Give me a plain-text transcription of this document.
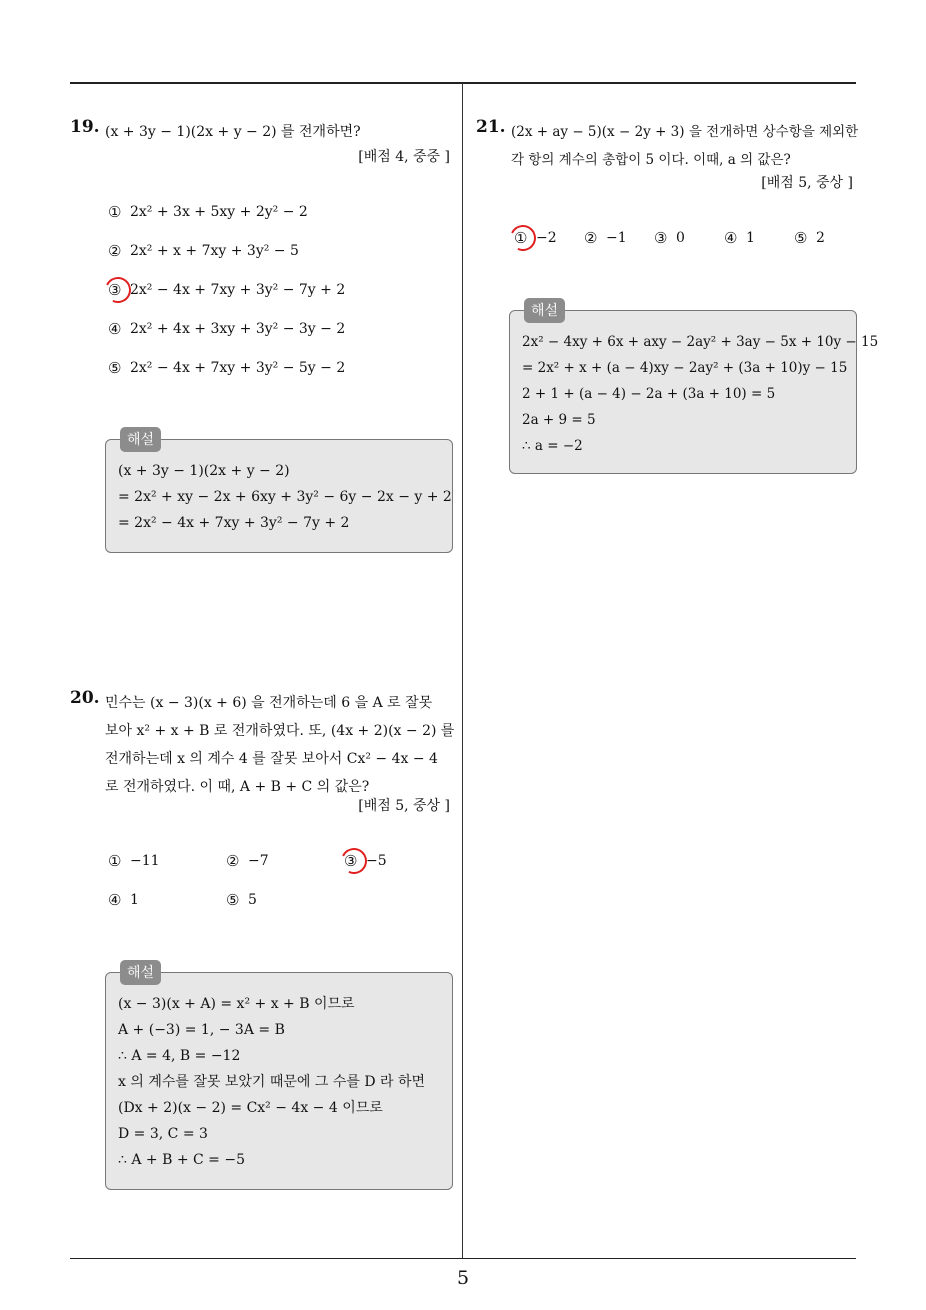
19. (x + 3y − 1)(2x + y − 2) 를 전개하면?
[배점 4, 중중 ]
① 2x² + 3x + 5xy + 2y² − 2
② 2x² + x + 7xy + 3y² − 5
③ 2x² − 4x + 7xy + 3y² − 7y + 2
④ 2x² + 4x + 3xy + 3y² − 3y − 2
⑤ 2x² − 4x + 7xy + 3y² − 5y − 2
해설
(x + 3y − 1)(2x + y − 2)
= 2x² + xy − 2x + 6xy + 3y² − 6y − 2x − y + 2
= 2x² − 4x + 7xy + 3y² − 7y + 2
20. 민수는 (x − 3)(x + 6) 을 전개하는데 6 을 A 로 잘못
보아 x² + x + B 로 전개하였다. 또, (4x + 2)(x − 2) 를
전개하는데 x 의 계수 4 를 잘못 보아서 Cx² − 4x − 4
로 전개하였다. 이 때, A + B + C 의 값은?
[배점 5, 중상 ]
① −11	② −7	③ −5
④ 1	⑤ 5
해설
(x − 3)(x + A) = x² + x + B 이므로
A + (−3) = 1, − 3A = B
∴ A = 4, B = −12
x 의 계수를 잘못 보았기 때문에 그 수를 D 라 하면
(Dx + 2)(x − 2) = Cx² − 4x − 4 이므로
D = 3, C = 3
∴ A + B + C = −5
21. (2x + ay − 5)(x − 2y + 3) 을 전개하면 상수항을 제외한
각 항의 계수의 총합이 5 이다. 이때, a 의 값은?
[배점 5, 중상 ]
① −2 ② −1 ③ 0	④ 1	⑤ 2
해설
2x² − 4xy + 6x + axy − 2ay² + 3ay − 5x + 10y − 15
= 2x² + x + (a − 4)xy − 2ay² + (3a + 10)y − 15
2 + 1 + (a − 4) − 2a + (3a + 10) = 5
2a + 9 = 5
∴ a = −2
5
